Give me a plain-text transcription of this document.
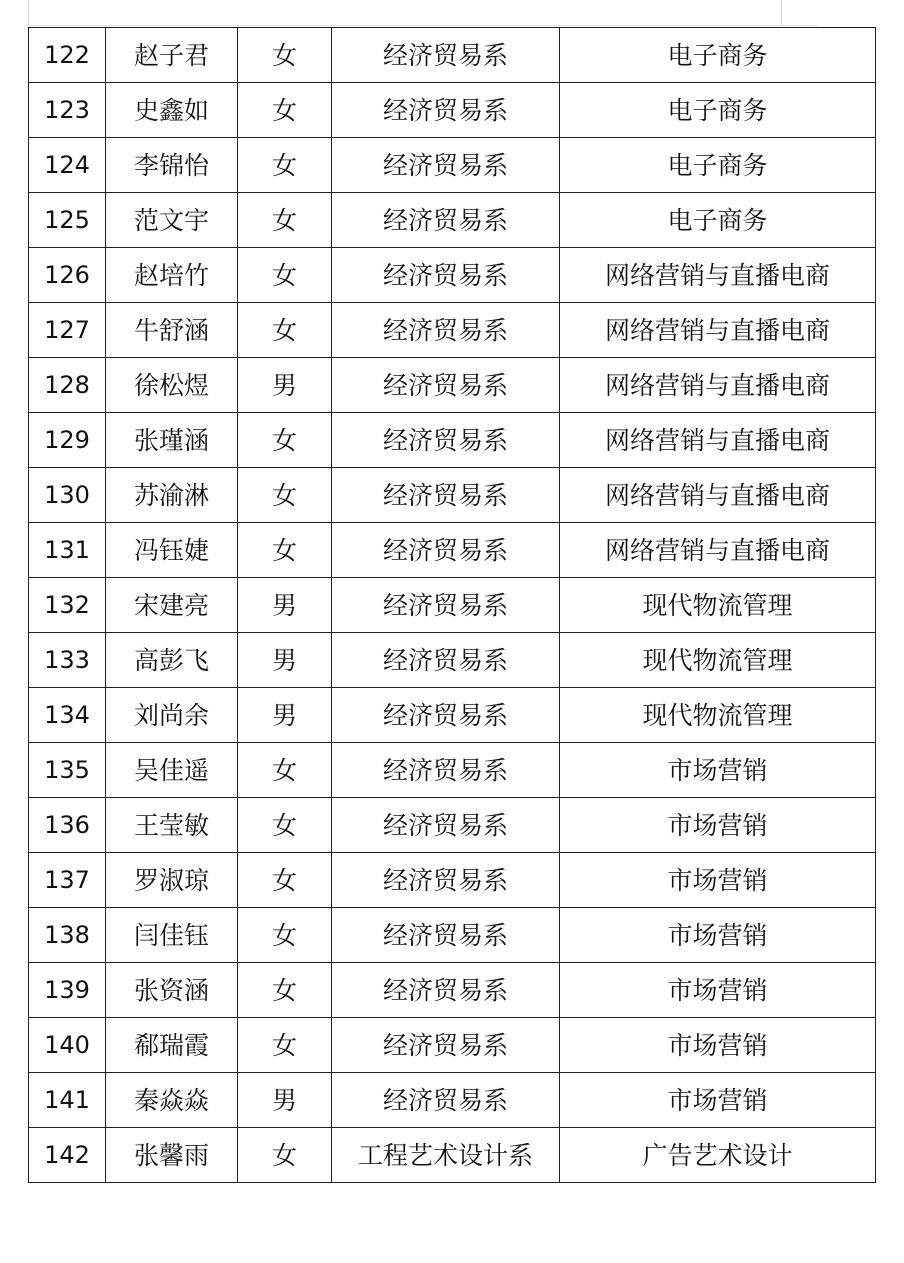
122	赵子君	女	经济贸易系	电子商务
123	史鑫如	女	经济贸易系	电子商务
124	李锦怡	女	经济贸易系	电子商务
125	范文宇	女	经济贸易系	电子商务
126	赵培竹	女	经济贸易系	网络营销与直播电商
127	牛舒涵	女	经济贸易系	网络营销与直播电商
128	徐松煜	男	经济贸易系	网络营销与直播电商
129	张瑾涵	女	经济贸易系	网络营销与直播电商
130	苏渝淋	女	经济贸易系	网络营销与直播电商
131	冯钰婕	女	经济贸易系	网络营销与直播电商
132	宋建亮	男	经济贸易系	现代物流管理
133	高彭飞	男	经济贸易系	现代物流管理
134	刘尚余	男	经济贸易系	现代物流管理
135	吴佳遥	女	经济贸易系	市场营销
136	王莹敏	女	经济贸易系	市场营销
137	罗淑琼	女	经济贸易系	市场营销
138	闫佳钰	女	经济贸易系	市场营销
139	张资涵	女	经济贸易系	市场营销
140	郗瑞霞	女	经济贸易系	市场营销
141	秦焱焱	男	经济贸易系	市场营销
142	张馨雨	女	工程艺术设计系	广告艺术设计
